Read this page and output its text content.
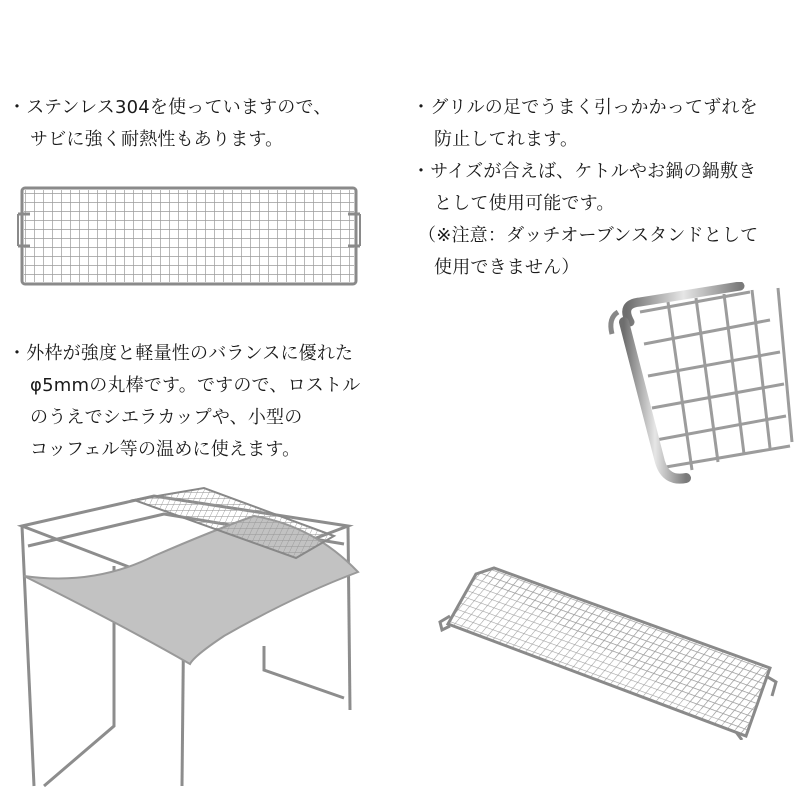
・ステンレス304を使っていますので、
サビに強く耐熱性もあります。
・グリルの足でうまく引っかかってずれを
防止してれます。
・サイズが合えば、ケトルやお鍋の鍋敷き
として使用可能です。
（※注意：ダッチオーブンスタンドとして
使用できません）
・外枠が強度と軽量性のバランスに優れた
φ5mmの丸棒です。ですので、ロストル
のうえでシエラカップや、小型の
コッフェル等の温めに使えます。
